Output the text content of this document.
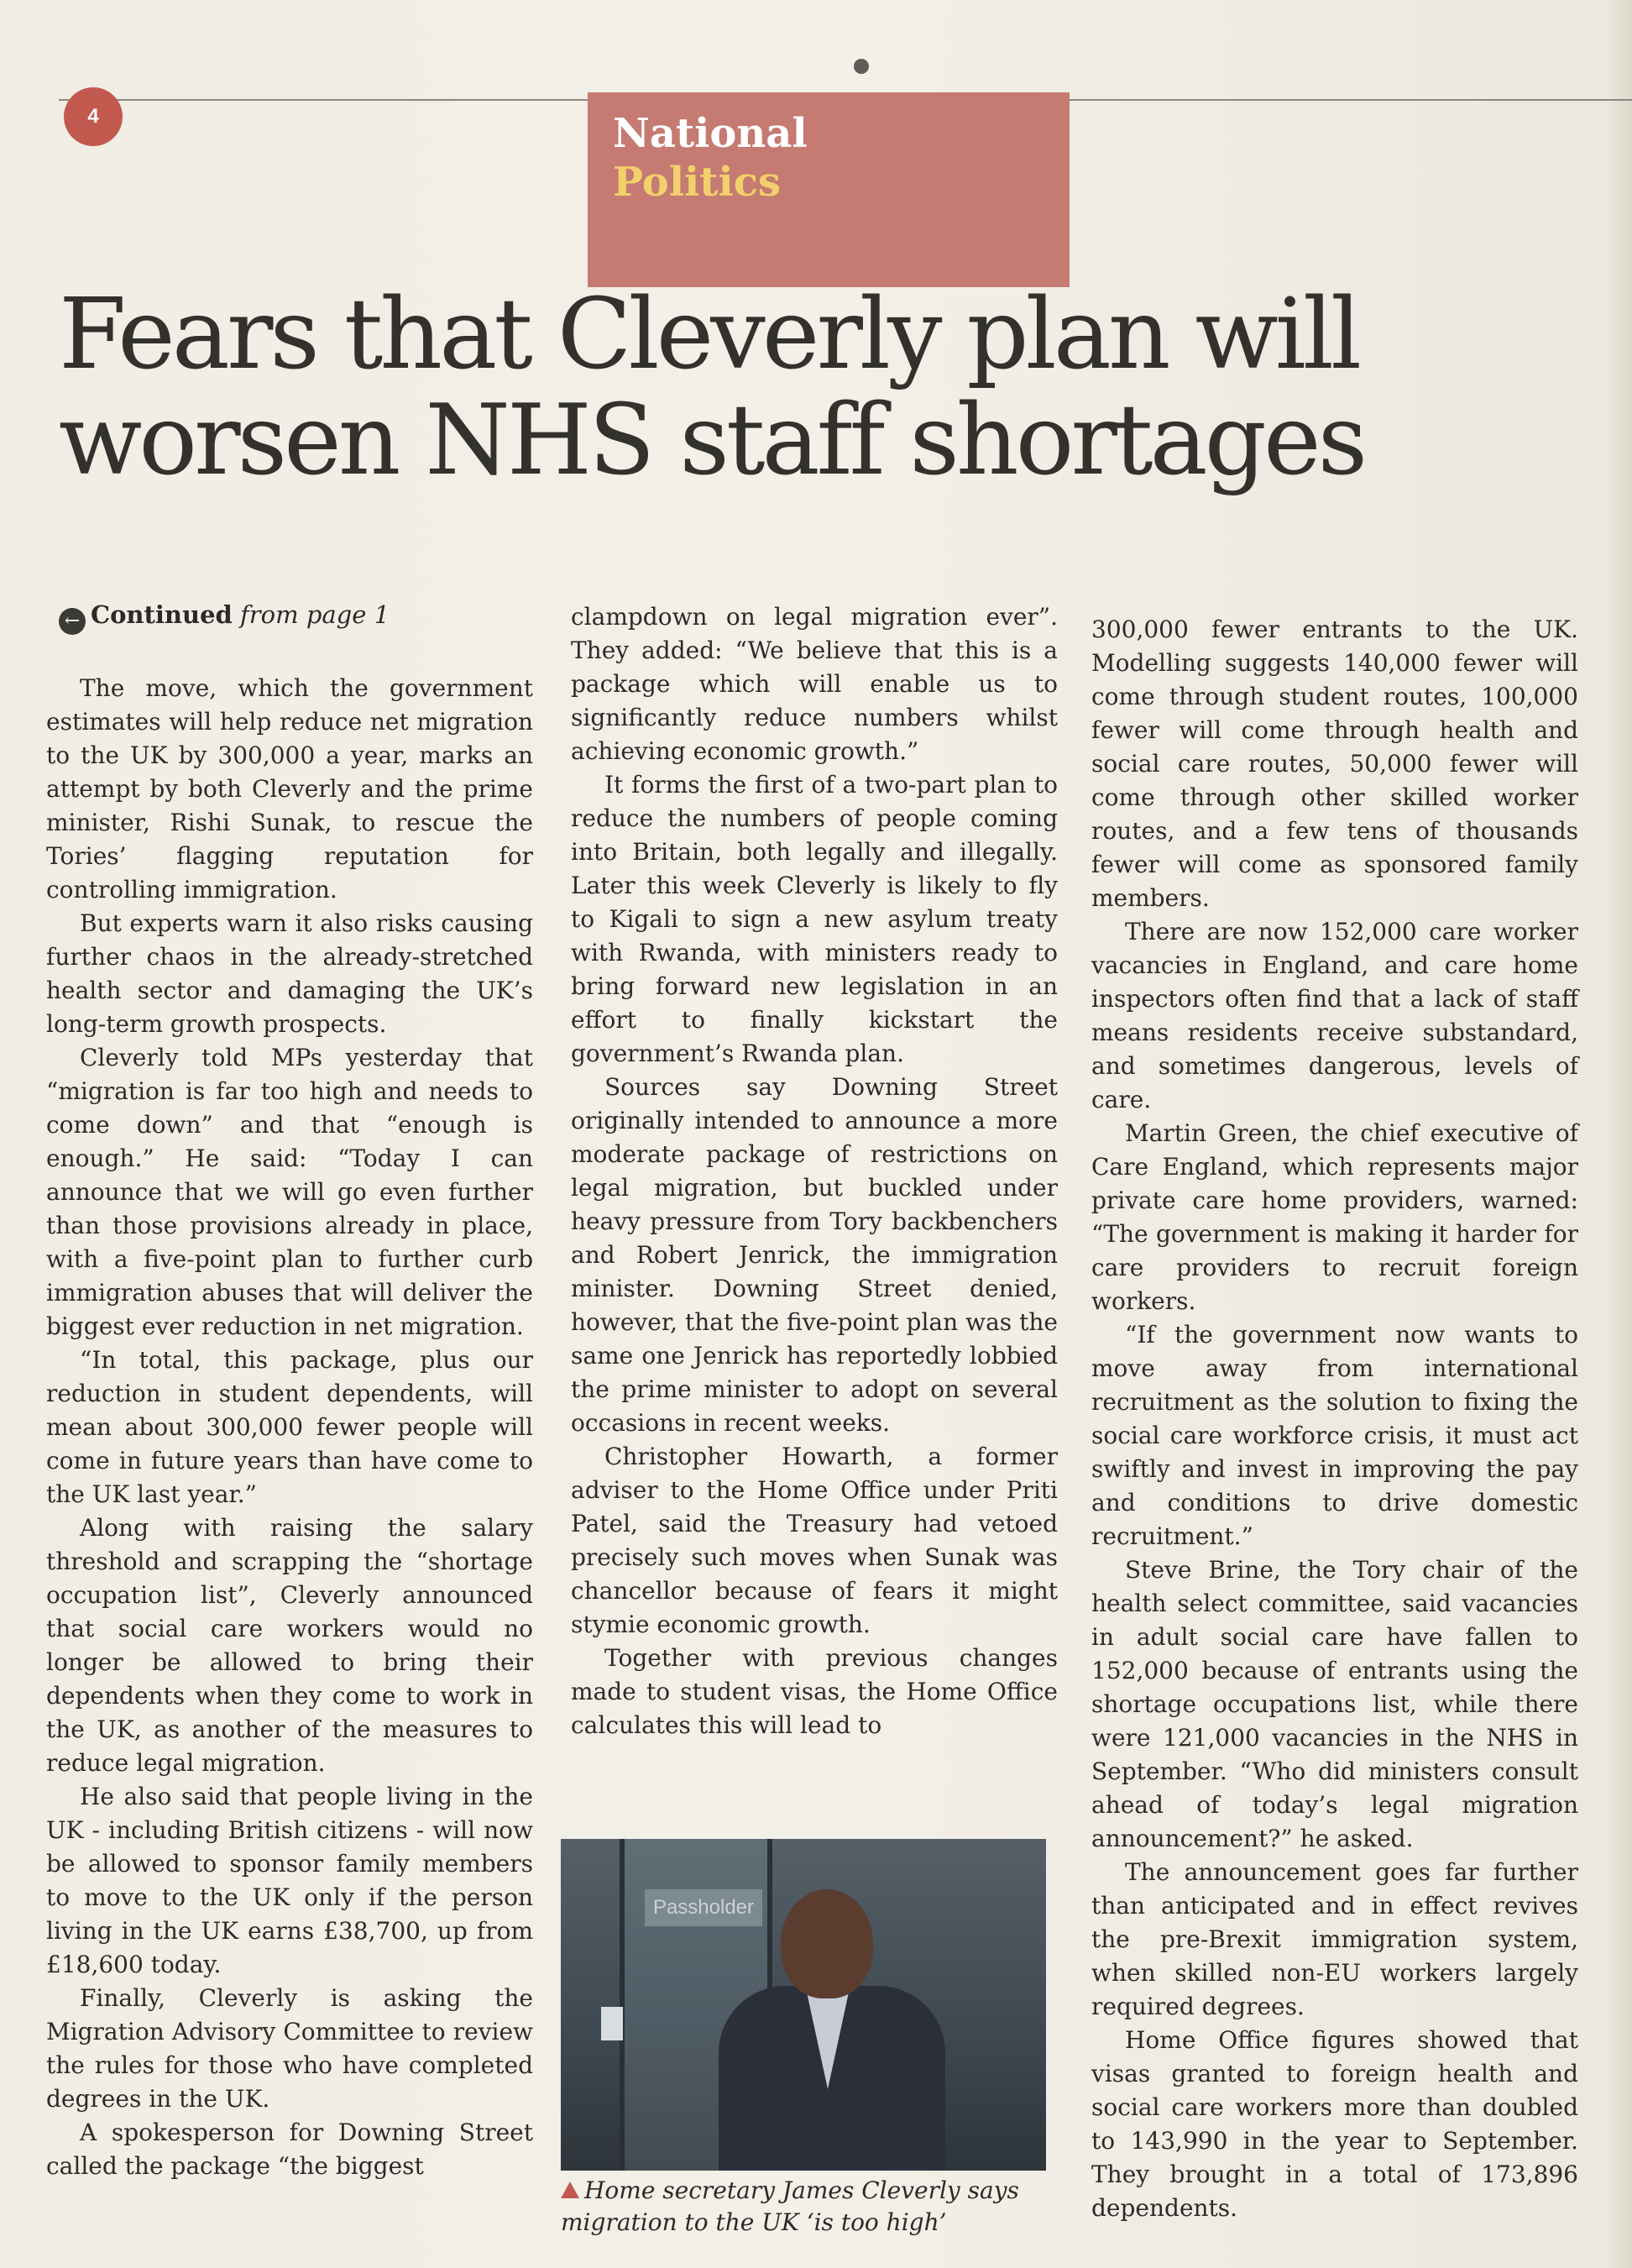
4	National
Politics
Fears that Cleverly plan will worsen NHS staff shortages
← Continued from page 1

The move, which the government estimates will help reduce net migration to the UK by 300,000 a year, marks an attempt by both Cleverly and the prime minister, Rishi Sunak, to rescue the Tories’ flagging reputation for controlling immigration.

But experts warn it also risks causing further chaos in the already-stretched health sector and damaging the UK’s long-term growth prospects.

Cleverly told MPs yesterday that “migration is far too high and needs to come down” and that “enough is enough.” He said: “Today I can announce that we will go even further than those provisions already in place, with a five-point plan to further curb immigration abuses that will deliver the biggest ever reduction in net migration.

“In total, this package, plus our reduction in student dependents, will mean about 300,000 fewer people will come in future years than have come to the UK last year.”

Along with raising the salary threshold and scrapping the “shortage occupation list”, Cleverly announced that social care workers would no longer be allowed to bring their dependents when they come to work in the UK, as another of the measures to reduce legal migration.

He also said that people living in the UK - including British citizens - will now be allowed to sponsor family members to move to the UK only if the person living in the UK earns £38,700, up from £18,600 today.

Finally, Cleverly is asking the Migration Advisory Committee to review the rules for those who have completed degrees in the UK.

A spokesperson for Downing Street called the package “the biggest

clampdown on legal migration ever”. They added: “We believe that this is a package which will enable us to significantly reduce numbers whilst achieving economic growth.”

It forms the first of a two-part plan to reduce the numbers of people coming into Britain, both legally and illegally. Later this week Cleverly is likely to fly to Kigali to sign a new asylum treaty with Rwanda, with ministers ready to bring forward new legislation in an effort to finally kickstart the government’s Rwanda plan.

Sources say Downing Street originally intended to announce a more moderate package of restrictions on legal migration, but buckled under heavy pressure from Tory backbenchers and Robert Jenrick, the immigration minister. Downing Street denied, however, that the five-point plan was the same one Jenrick has reportedly lobbied the prime minister to adopt on several occasions in recent weeks.

Christopher Howarth, a former adviser to the Home Office under Priti Patel, said the Treasury had vetoed precisely such moves when Sunak was chancellor because of fears it might stymie economic growth.

Together with previous changes made to student visas, the Home Office calculates this will lead to

Passholder
Home secretary James Cleverly says migration to the UK ‘is too high’

300,000 fewer entrants to the UK. Modelling suggests 140,000 fewer will come through student routes, 100,000 fewer will come through health and social care routes, 50,000 fewer will come through other skilled worker routes, and a few tens of thousands fewer will come as sponsored family members.

There are now 152,000 care worker vacancies in England, and care home inspectors often find that a lack of staff means residents receive substandard, and sometimes dangerous, levels of care.

Martin Green, the chief executive of Care England, which represents major private care home providers, warned: “The government is making it harder for care providers to recruit foreign workers.

“If the government now wants to move away from international recruitment as the solution to fixing the social care workforce crisis, it must act swiftly and invest in improving the pay and conditions to drive domestic recruitment.”

Steve Brine, the Tory chair of the health select committee, said vacancies in adult social care have fallen to 152,000 because of entrants using the shortage occupations list, while there were 121,000 vacancies in the NHS in September. “Who did ministers consult ahead of today’s legal migration announcement?” he asked.

The announcement goes far further than anticipated and in effect revives the pre-Brexit immigration system, when skilled non-EU workers largely required degrees.

Home Office figures showed that visas granted to foreign health and social care workers more than doubled to 143,990 in the year to September. They brought in a total of 173,896 dependents.
